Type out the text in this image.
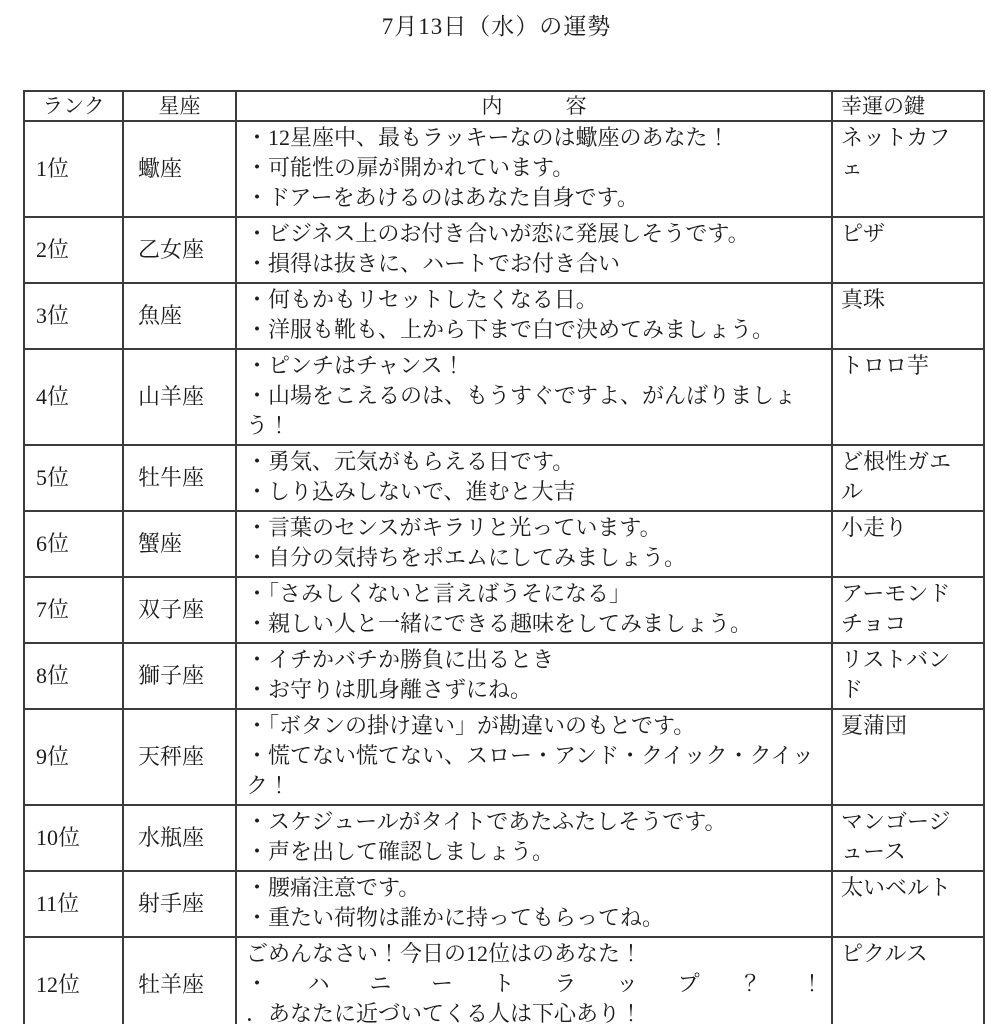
7月13日（水）の運勢
ランク	星座	内　　　容	幸運の鍵
1位	蠍座	・12星座中、最もラッキーなのは蠍座のあなた！
・可能性の扉が開かれています。
・ドアーをあけるのはあなた自身です。	ネットカフェ
2位	乙女座	・ビジネス上のお付き合いが恋に発展しそうです。
・損得は抜きに、ハートでお付き合い	ピザ
3位	魚座	・何もかもリセットしたくなる日。
・洋服も靴も、上から下まで白で決めてみましょう。	真珠
4位	山羊座	・ピンチはチャンス！
・山場をこえるのは、もうすぐですよ、がんばりましょう！	トロロ芋
5位	牡牛座	・勇気、元気がもらえる日です。
・しり込みしないで、進むと大吉	ど根性ガエル
6位	蟹座	・言葉のセンスがキラリと光っています。
・自分の気持ちをポエムにしてみましょう。	小走り
7位	双子座	・「さみしくないと言えばうそになる」
・親しい人と一緒にできる趣味をしてみましょう。	アーモンドチョコ
8位	獅子座	・イチかバチか勝負に出るとき
・お守りは肌身離さずにね。	リストバンド
9位	天秤座	・「ボタンの掛け違い」が勘違いのもとです。
・慌てない慌てない、スロー・アンド・クイック・クイック！	夏蒲団
10位	水瓶座	・スケジュールがタイトであたふたしそうです。
・声を出して確認しましょう。	マンゴージュース
11位	射手座	・腰痛注意です。
・重たい荷物は誰かに持ってもらってね。	太いベルト
12位	牡羊座	ごめんなさい！今日の12位はのあなた！
・　ハ　ニ　ー　ト　ラ　ッ　プ　？　！
．あなたに近づいてくる人は下心あり！	ピクルス
